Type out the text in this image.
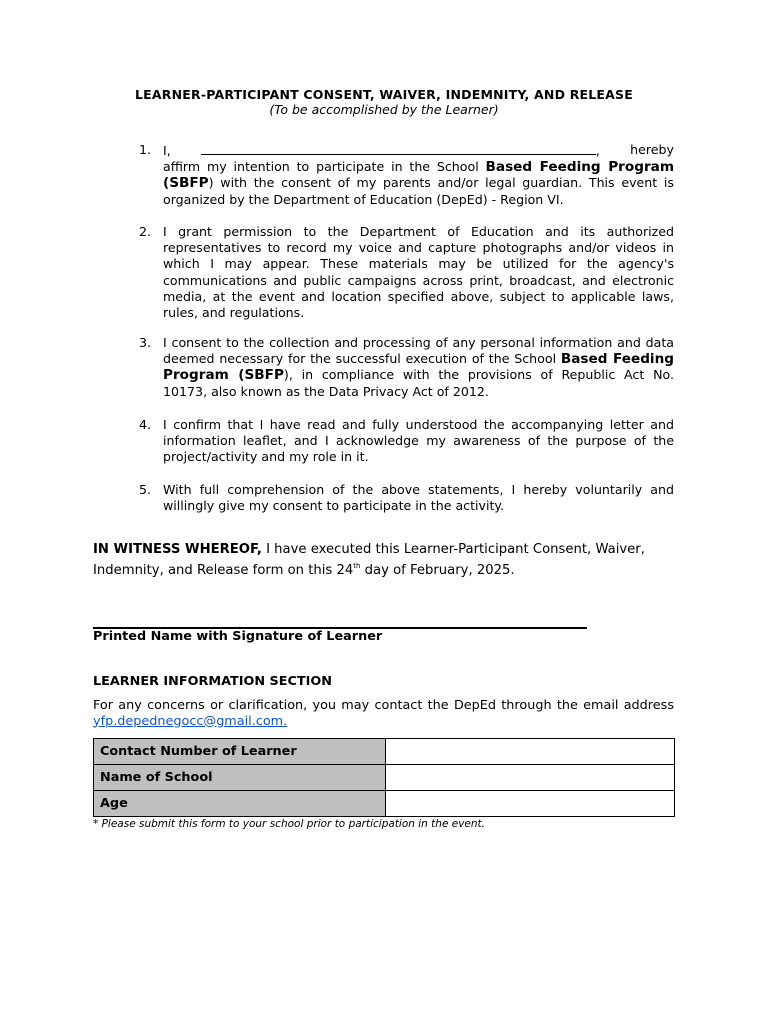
LEARNER-PARTICIPANT CONSENT, WAIVER, INDEMNITY, AND RELEASE
(To be accomplished by the Learner)
1. I,	, hereby
affirm my intention to participate in the School Based Feeding Program (SBFP) with the consent of my parents and/or legal guardian. This event is organized by the Department of Education (DepEd) - Region VI.
2. I grant permission to the Department of Education and its authorized representatives to record my voice and capture photographs and/or videos in which I may appear. These materials may be utilized for the agency's communications and public campaigns across print, broadcast, and electronic media, at the event and location specified above, subject to applicable laws, rules, and regulations.
3. I consent to the collection and processing of any personal information and data deemed necessary for the successful execution of the School Based Feeding Program (SBFP), in compliance with the provisions of Republic Act No. 10173, also known as the Data Privacy Act of 2012.
4. I confirm that I have read and fully understood the accompanying letter and information leaflet, and I acknowledge my awareness of the purpose of the project/activity and my role in it.
5. With full comprehension of the above statements, I hereby voluntarily and willingly give my consent to participate in the activity.
IN WITNESS WHEREOF, I have executed this Learner-Participant Consent, Waiver, Indemnity, and Release form on this 24th day of February, 2025.
Printed Name with Signature of Learner
LEARNER INFORMATION SECTION
For any concerns or clarification, you may contact the DepEd through the email address yfp.depednegocc@gmail.com.
Contact Number of Learner	
Name of School	
Age	
* Please submit this form to your school prior to participation in the event.
